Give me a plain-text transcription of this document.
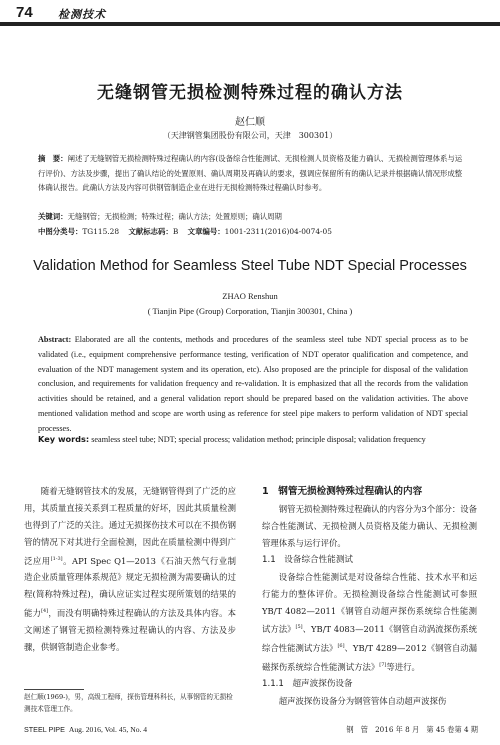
74 检测技术
无缝钢管无损检测特殊过程的确认方法
赵仁顺
（天津钢管集团股份有限公司，天津　300301）
摘　要：阐述了无缝钢管无损检测特殊过程确认的内容(设备综合性能测试、无损检测人员资格及能力确认、无损检测管理体系与运行评价)、方法及步骤，提出了确认结论的处置原则、确认周期及再确认的要求，强调应保留所有的确认记录并根据确认情况形成整体确认报告。此确认方法及内容可供钢管制造企业在进行无损检测特殊过程确认时参考。
关键词：无缝钢管；无损检测；特殊过程；确认方法；处置原则；确认周期
中图分类号：TG115.28 文献标志码：B 文章编号：1001-2311(2016)04-0074-05
Validation Method for Seamless Steel Tube NDT Special Processes
ZHAO Renshun
( Tianjin Pipe (Group) Corporation, Tianjin 300301, China )
Abstract: Elaborated are all the contents, methods and procedures of the seamless steel tube NDT special process as to be validated (i.e., equipment comprehensive performance testing, verification of NDT operator qualification and competence, and evaluation of the NDT management system and its operation, etc). Also proposed are the principle for disposal of the validation conclusion, and requirements for validation frequency and re-validation. It is emphasized that all the records from the validation activities should be retained, and a general validation report should be prepared based on the validation activities. The above mentioned validation method and scope are worth using as reference for steel pipe makers to perform validation of NDT special processes.
Key words: seamless steel tube; NDT; special process; validation method; principle disposal; validation frequency

随着无缝钢管技术的发展，无缝钢管得到了广泛的应用，其质量直接关系到工程质量的好坏，因此其质量检测也得到了广泛的关注。通过无损探伤技术可以在不损伤钢管的情况下对其进行全面检测，因此在质量检测中得到广泛应用[1-3]。API Spec Q1—2013《石油天然气行业制造企业质量管理体系规范》规定无损检测为需要确认的过程(简称特殊过程)，确认应证实过程实现所策划的结果的能力[4]，而没有明确特殊过程确认的方法及具体内容。本文阐述了钢管无损检测特殊过程确认的内容、方法及步骤，供钢管制造企业参考。

赵仁顺(1969-)，男，高级工程师，探伤管理科科长，从事钢管的无损检测技术管理工作。
1　钢管无损检测特殊过程确认的内容

钢管无损检测特殊过程确认的内容分为3个部分：设备综合性能测试、无损检测人员资格及能力确认、无损检测管理体系与运行评价。

1.1　设备综合性能测试

设备综合性能测试是对设备综合性能、技术水平和运行能力的整体评价。无损检测设备综合性能测试可参照 YB/T 4082—2011《钢管自动超声探伤系统综合性能测试方法》[5]、YB/T 4083—2011《钢管自动涡流探伤系统综合性能测试方法》[6]、YB/T 4289—2012《钢管自动漏磁探伤系统综合性能测试方法》[7]等进行。

1.1.1　超声波探伤设备

超声波探伤设备分为钢管管体自动超声波探伤

STEEL PIPE Aug. 2016, Vol. 45, No. 4	钢　管　2016 年 8 月　第 45 卷第 4 期
